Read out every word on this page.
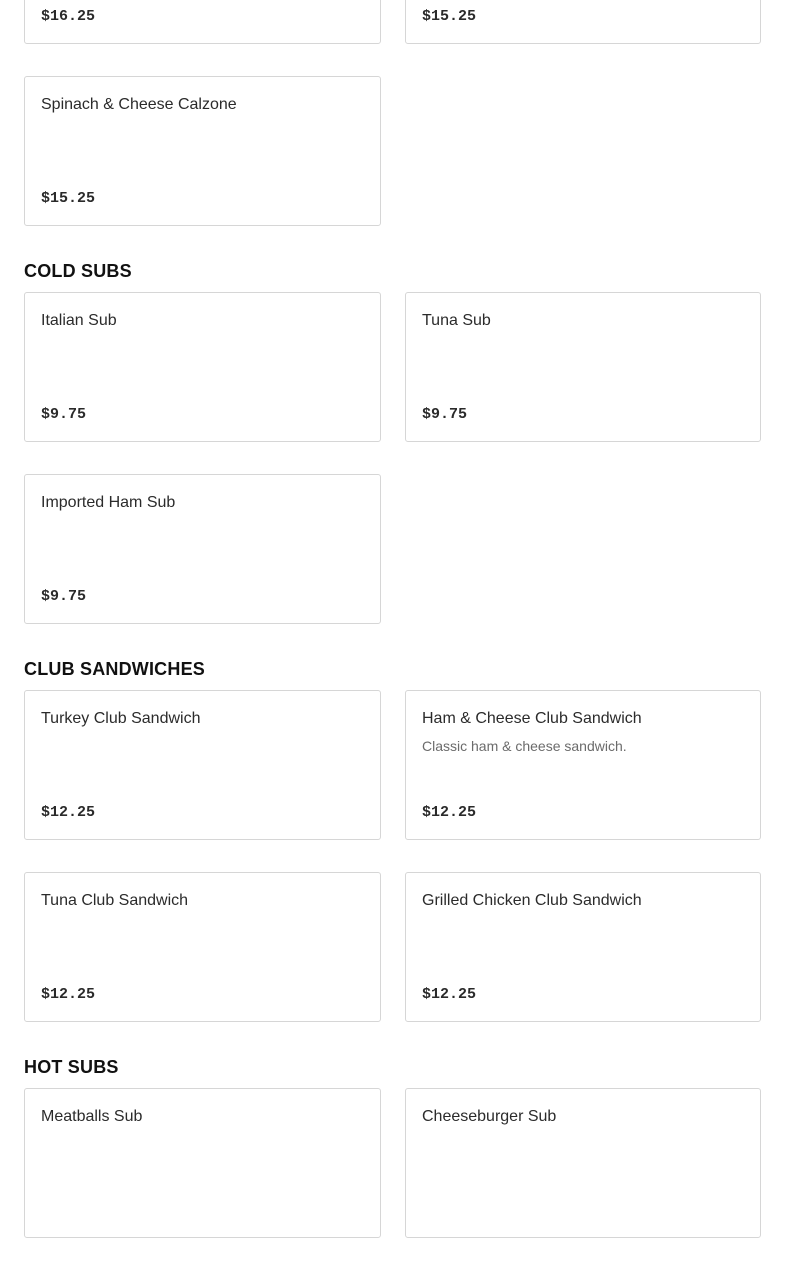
$16.25	$15.25
Spinach & Cheese Calzone
$15.25
COLD SUBS
Italian Sub
$9.75
Tuna Sub
$9.75
Imported Ham Sub
$9.75
CLUB SANDWICHES
Turkey Club Sandwich
$12.25
Ham & Cheese Club Sandwich
Classic ham & cheese sandwich.
$12.25
Tuna Club Sandwich
$12.25
Grilled Chicken Club Sandwich
$12.25
HOT SUBS
Meatballs Sub	Cheeseburger Sub
